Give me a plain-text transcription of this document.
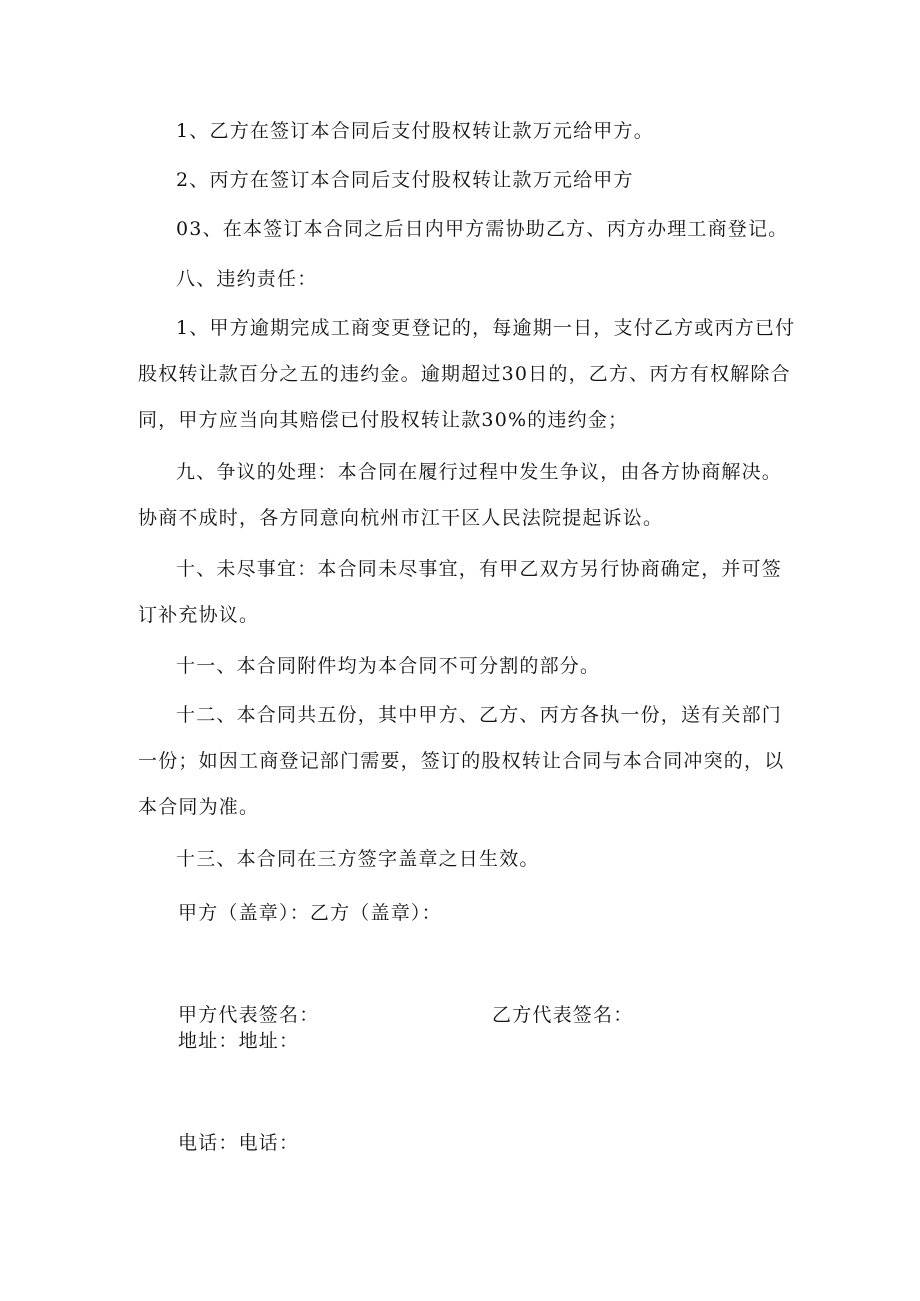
1、乙方在签订本合同后支付股权转让款万元给甲方。

2、丙方在签订本合同后支付股权转让款万元给甲方

03、在本签订本合同之后日内甲方需协助乙方、丙方办理工商登记。

八、违约责任：

1、甲方逾期完成工商变更登记的，每逾期一日，支付乙方或丙方已付股权转让款百分之五的违约金。逾期超过30日的，乙方、丙方有权解除合同，甲方应当向其赔偿已付股权转让款30%的违约金；

九、争议的处理：本合同在履行过程中发生争议，由各方协商解决。协商不成时，各方同意向杭州市江干区人民法院提起诉讼。

十、未尽事宜：本合同未尽事宜，有甲乙双方另行协商确定，并可签订补充协议。

十一、本合同附件均为本合同不可分割的部分。

十二、本合同共五份，其中甲方、乙方、丙方各执一份，送有关部门一份；如因工商登记部门需要，签订的股权转让合同与本合同冲突的，以本合同为准。

十三、本合同在三方签字盖章之日生效。

甲方（盖章）：乙方（盖章）：
甲方代表签名：	乙方代表签名：
地址：地址：
电话：电话：
